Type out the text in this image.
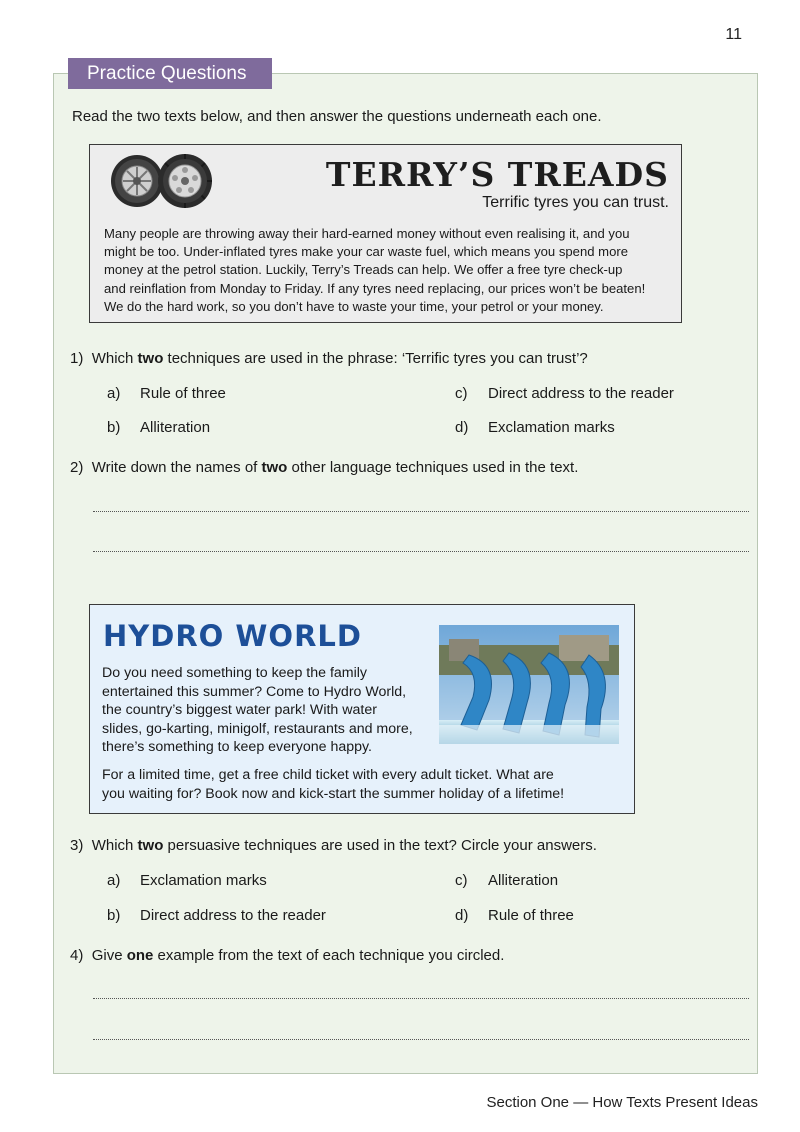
11
Practice Questions
Read the two texts below, and then answer the questions underneath each one.
TERRY’S TREADS
Terrific tyres you can trust.
Many people are throwing away their hard-earned money without even realising it, and you
might be too. Under-inflated tyres make your car waste fuel, which means you spend more
money at the petrol station. Luckily, Terry’s Treads can help. We offer a free tyre check-up
and reinflation from Monday to Friday. If any tyres need replacing, our prices won’t be beaten!
We do the hard work, so you don’t have to waste your time, your petrol or your money.
1) Which two techniques are used in the phrase: ‘Terrific tyres you can trust’?
a) Rule of three
b) Alliteration
c) Direct address to the reader
d) Exclamation marks
2) Write down the names of two other language techniques used in the text.
HYDRO WORLD
Do you need something to keep the family
entertained this summer? Come to Hydro World,
the country’s biggest water park! With water
slides, go-karting, minigolf, restaurants and more,
there’s something to keep everyone happy.
For a limited time, get a free child ticket with every adult ticket. What are
you waiting for? Book now and kick-start the summer holiday of a lifetime!
3) Which two persuasive techniques are used in the text? Circle your answers.
a) Exclamation marks
b) Direct address to the reader
c) Alliteration
d) Rule of three
4) Give one example from the text of each technique you circled.
Section One — How Texts Present Ideas
